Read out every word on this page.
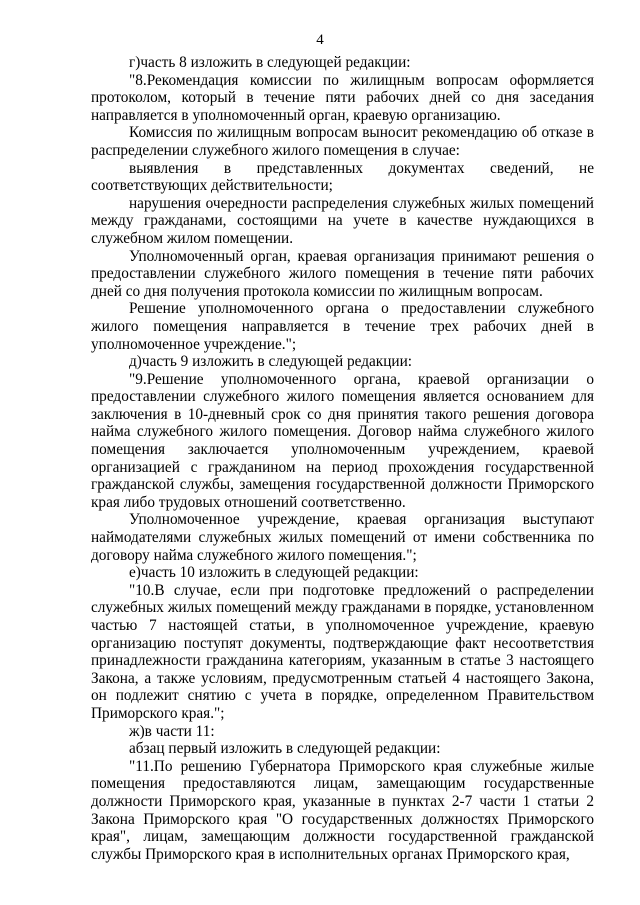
4

г)часть 8 изложить в следующей редакции:

"8.Рекомендация комиссии по жилищным вопросам оформляется протоколом, который в течение пяти рабочих дней со дня заседания направляется в уполномоченный орган, краевую организацию.

Комиссия по жилищным вопросам выносит рекомендацию об отказе в распределении служебного жилого помещения в случае:

выявления в представленных документах сведений, не соответствующих действительности;

нарушения очередности распределения служебных жилых помещений между гражданами, состоящими на учете в качестве нуждающихся в служебном жилом помещении.

Уполномоченный орган, краевая организация принимают решения о предоставлении служебного жилого помещения в течение пяти рабочих дней со дня получения протокола комиссии по жилищным вопросам.

Решение уполномоченного органа о предоставлении служебного жилого помещения направляется в течение трех рабочих дней в уполномоченное учреждение.";

д)часть 9 изложить в следующей редакции:

"9.Решение уполномоченного органа, краевой организации о предоставлении служебного жилого помещения является основанием для заключения в 10-дневный срок со дня принятия такого решения договора найма служебного жилого помещения. Договор найма служебного жилого помещения заключается уполномоченным учреждением, краевой организацией с гражданином на период прохождения государственной гражданской службы, замещения государственной должности Приморского края либо трудовых отношений соответственно.

Уполномоченное учреждение, краевая организация выступают наймодателями служебных жилых помещений от имени собственника по договору найма служебного жилого помещения.";

е)часть 10 изложить в следующей редакции:

"10.В случае, если при подготовке предложений о распределении служебных жилых помещений между гражданами в порядке, установленном частью 7 настоящей статьи, в уполномоченное учреждение, краевую организацию поступят документы, подтверждающие факт несоответствия принадлежности гражданина категориям, указанным в статье 3 настоящего Закона, а также условиям, предусмотренным статьей 4 настоящего Закона, он подлежит снятию с учета в порядке, определенном Правительством Приморского края.";

ж)в части 11:

абзац первый изложить в следующей редакции:

"11.По решению Губернатора Приморского края служебные жилые помещения предоставляются лицам, замещающим государственные должности Приморского края, указанные в пунктах 2-7 части 1 статьи 2 Закона Приморского края "О государственных должностях Приморского края", лицам, замещающим должности государственной гражданской службы Приморского края в исполнительных органах Приморского края,
